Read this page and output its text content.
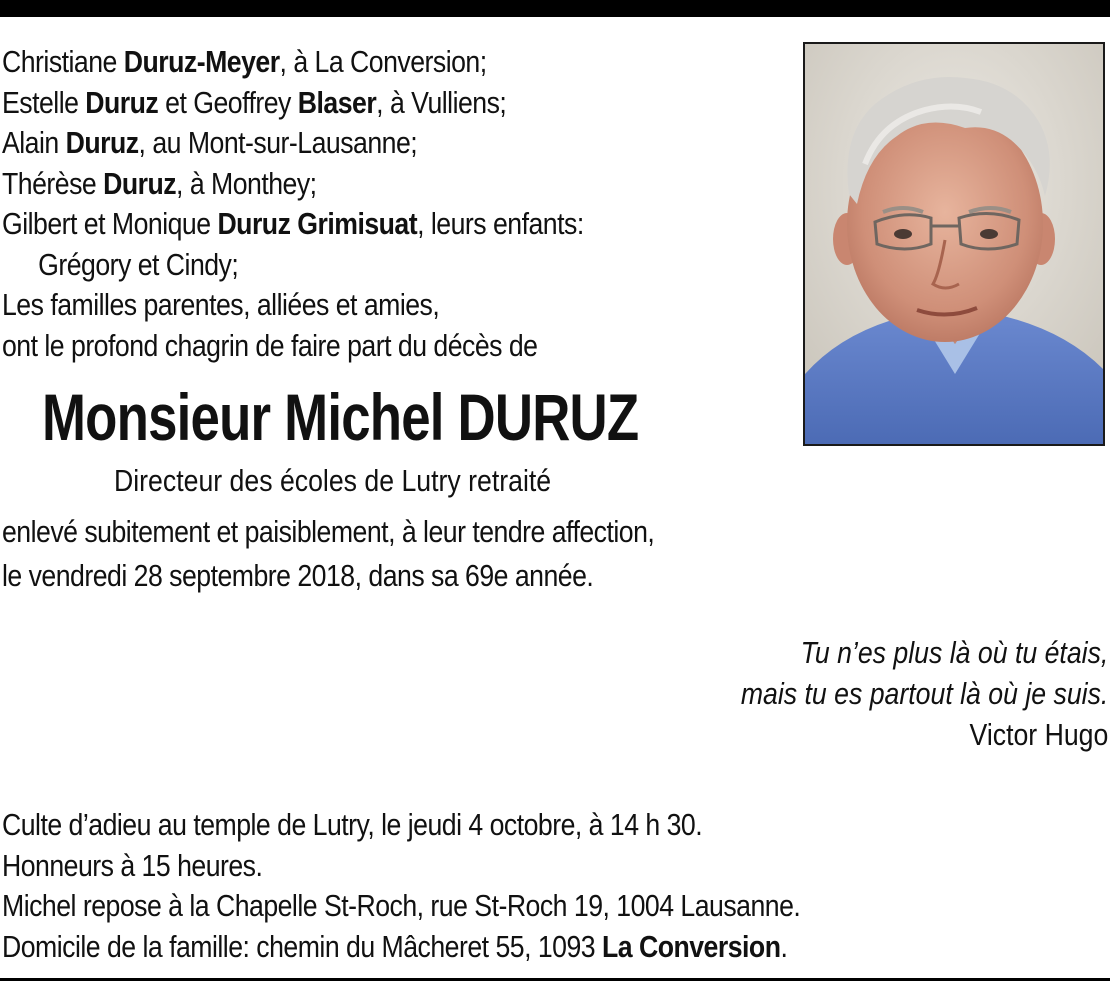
Christiane Duruz-Meyer, à La Conversion;
Estelle Duruz et Geoffrey Blaser, à Vulliens;
Alain Duruz, au Mont-sur-Lausanne;
Thérèse Duruz, à Monthey;
Gilbert et Monique Duruz Grimisuat, leurs enfants:
Grégory et Cindy;
Les familles parentes, alliées et amies,
ont le profond chagrin de faire part du décès de
Monsieur Michel DURUZ
Directeur des écoles de Lutry retraité
enlevé subitement et paisiblement, à leur tendre affection,
le vendredi 28 septembre 2018, dans sa 69e année.
Tu n’es plus là où tu étais,
mais tu es partout là où je suis.
Victor Hugo
Culte d’adieu au temple de Lutry, le jeudi 4 octobre, à 14 h 30.
Honneurs à 15 heures.
Michel repose à la Chapelle St-Roch, rue St-Roch 19, 1004 Lausanne.
Domicile de la famille: chemin du Mâcheret 55, 1093 La Conversion.
